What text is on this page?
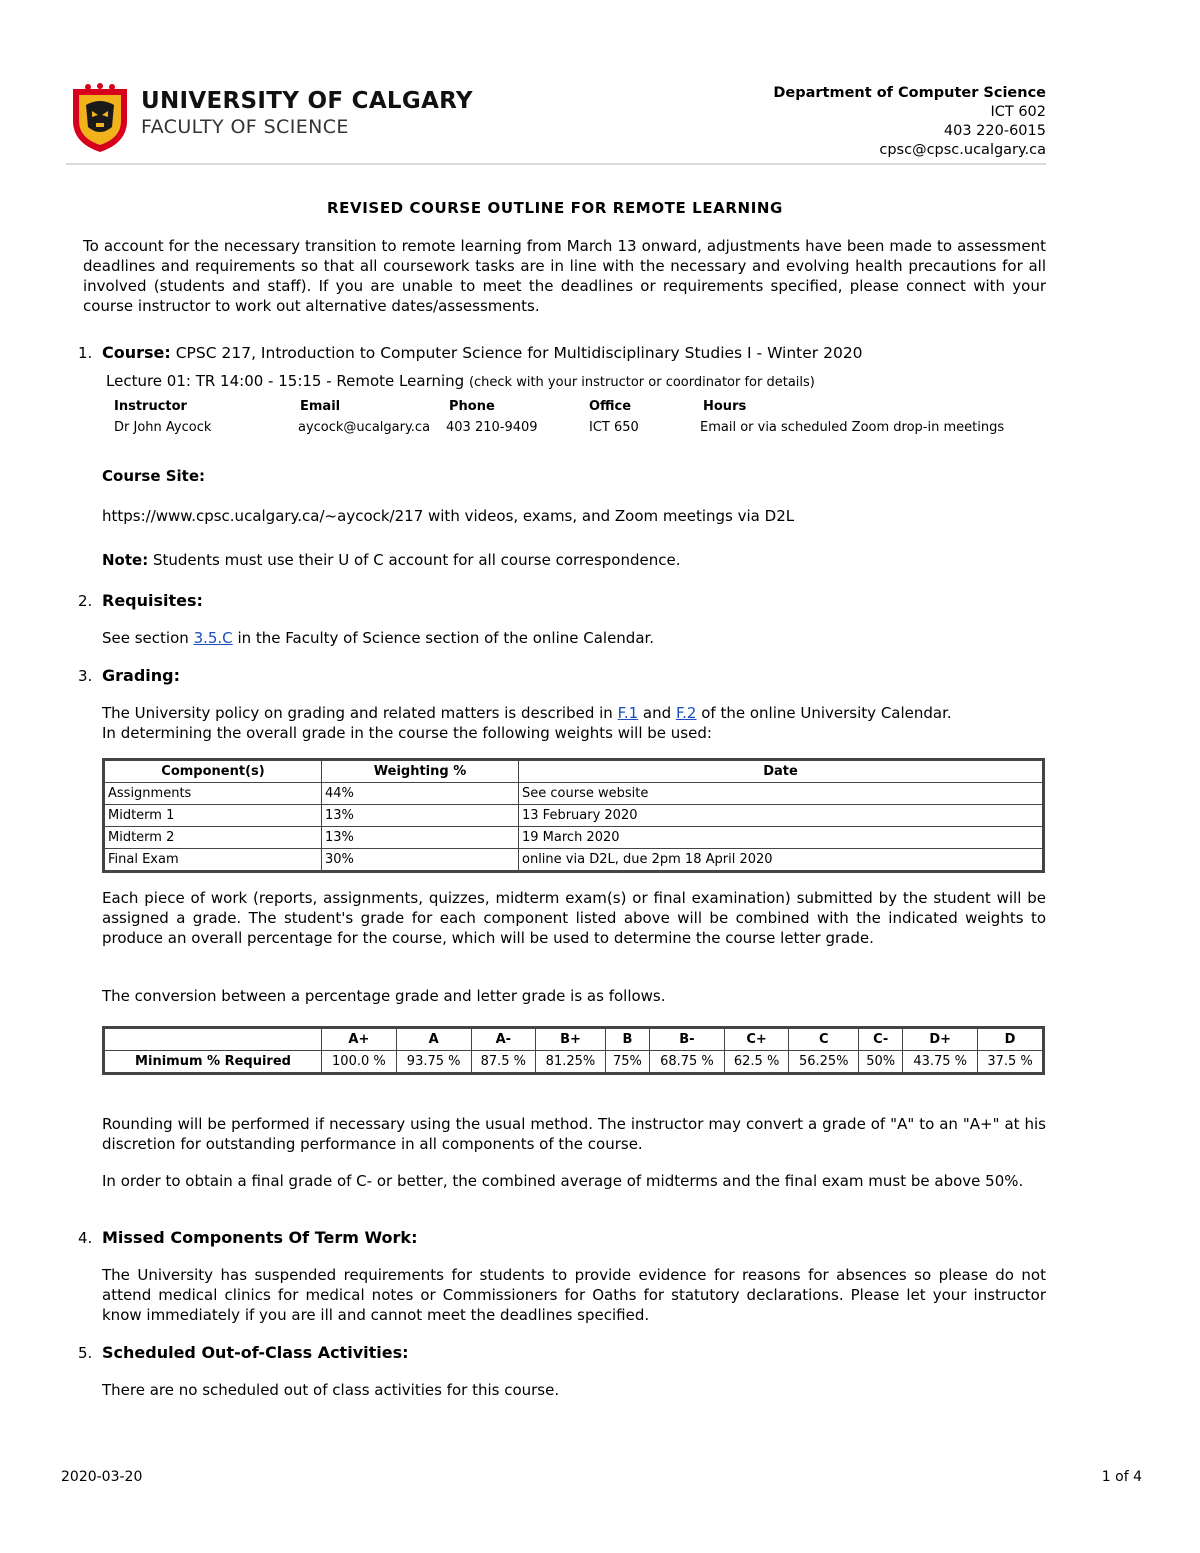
UNIVERSITY OF CALGARY
FACULTY OF SCIENCE
Department of Computer Science
ICT 602
403 220-6015
cpsc@cpsc.ucalgary.ca
REVISED COURSE OUTLINE FOR REMOTE LEARNING
To account for the necessary transition to remote learning from March 13 onward, adjustments have been made to assessment deadlines and requirements so that all coursework tasks are in line with the necessary and evolving health precautions for all involved (students and staff). If you are unable to meet the deadlines or requirements specified, please connect with your course instructor to work out alternative dates/assessments.
1. Course: CPSC 217, Introduction to Computer Science for Multidisciplinary Studies I - Winter 2020
Lecture 01: TR 14:00 - 15:15 - Remote Learning (check with your instructor or coordinator for details)
Instructor	Email	Phone	Office	Hours
Dr John Aycock	aycock@ucalgary.ca 403 210-9409	ICT 650	Email or via scheduled Zoom drop-in meetings
Course Site:
https://www.cpsc.ucalgary.ca/~aycock/217 with videos, exams, and Zoom meetings via D2L
Note: Students must use their U of C account for all course correspondence.
2. Requisites:
See section 3.5.C in the Faculty of Science section of the online Calendar.
3. Grading:
The University policy on grading and related matters is described in F.1 and F.2 of the online University Calendar.
In determining the overall grade in the course the following weights will be used:
Component(s)	Weighting %	Date
Assignments	44%	See course website
Midterm 1	13%	13 February 2020
Midterm 2	13%	19 March 2020
Final Exam	30%	online via D2L, due 2pm 18 April 2020
Each piece of work (reports, assignments, quizzes, midterm exam(s) or final examination) submitted by the student will be assigned a grade. The student's grade for each component listed above will be combined with the indicated weights to produce an overall percentage for the course, which will be used to determine the course letter grade.
The conversion between a percentage grade and letter grade is as follows.
	A+	A	A-	B+	B	B-	C+	C	C-	D+	D
Minimum % Required	100.0 %	93.75 %	87.5 %	81.25%	75%	68.75 %	62.5 %	56.25%	50%	43.75 %	37.5 %
Rounding will be performed if necessary using the usual method. The instructor may convert a grade of "A" to an "A+" at his discretion for outstanding performance in all components of the course.
In order to obtain a final grade of C- or better, the combined average of midterms and the final exam must be above 50%.
4. Missed Components Of Term Work:
The University has suspended requirements for students to provide evidence for reasons for absences so please do not attend medical clinics for medical notes or Commissioners for Oaths for statutory declarations. Please let your instructor know immediately if you are ill and cannot meet the deadlines specified.
5. Scheduled Out-of-Class Activities:
There are no scheduled out of class activities for this course.
2020-03-20	1 of 4
